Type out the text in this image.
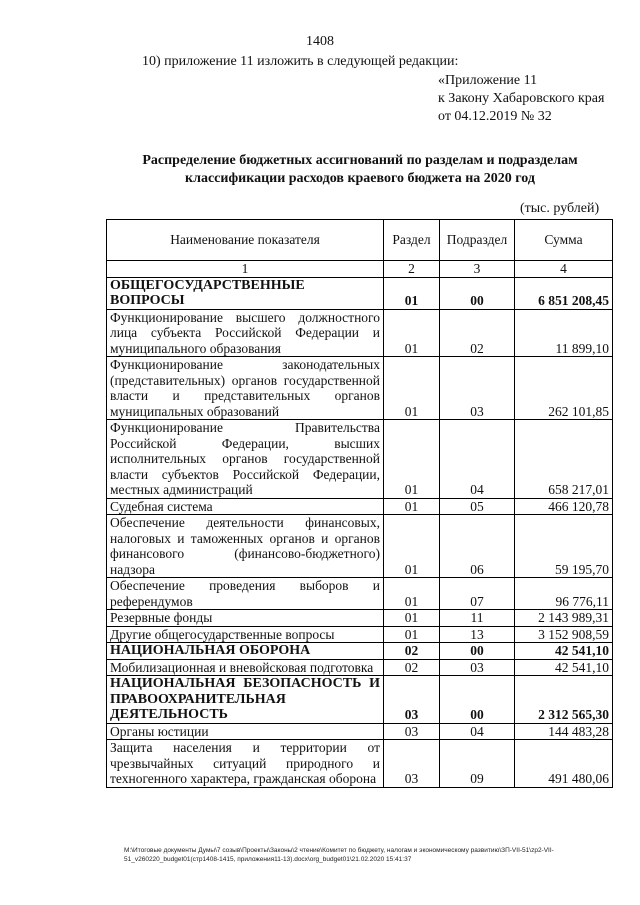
1408
10) приложение 11 изложить в следующей редакции:
«Приложение 11
к Закону Хабаровского края
от 04.12.2019 № 32
Распределение бюджетных ассигнований по разделам и подразделам
классификации расходов краевого бюджета на 2020 год
(тыс. рублей)
Наименование показателя	Раздел	Подраздел	Сумма
1	2	3	4
ОБЩЕГОСУДАРСТВЕННЫЕ ВОПРОСЫ	01	00	6 851 208,45
Функционирование высшего должностного лица субъекта Российской Федерации и муниципального образования	01	02	11 899,10
Функционирование законодательных (представительных) органов государственной власти и представительных органов муниципальных образований	01	03	262 101,85
Функционирование Правительства Российской Федерации, высших исполнительных органов государственной власти субъектов Российской Федерации, местных администраций	01	04	658 217,01
Судебная система	01	05	466 120,78
Обеспечение деятельности финансовых, налоговых и таможенных органов и органов финансового (финансово-бюджетного) надзора	01	06	59 195,70
Обеспечение проведения выборов и референдумов	01	07	96 776,11
Резервные фонды	01	11	2 143 989,31
Другие общегосударственные вопросы	01	13	3 152 908,59
НАЦИОНАЛЬНАЯ ОБОРОНА	02	00	42 541,10
Мобилизационная и вневойсковая подготовка	02	03	42 541,10
НАЦИОНАЛЬНАЯ БЕЗОПАСНОСТЬ И ПРАВООХРАНИТЕЛЬНАЯ ДЕЯТЕЛЬНОСТЬ	03	00	2 312 565,30
Органы юстиции	03	04	144 483,28
Защита населения и территории от чрезвычайных ситуаций природного и техногенного характера, гражданская оборона	03	09	491 480,06
М:\Итоговые документы Думы\7 созыв\Проекты\Законы\2 чтение\Комитет по бюджету, налогам и экономическому развитию\ЗП-VII-51\zp2-VII-51_v260220_budget01(стр1408-1415, приложения11-13).docx\org_budget01\21.02.2020 15:41:37
